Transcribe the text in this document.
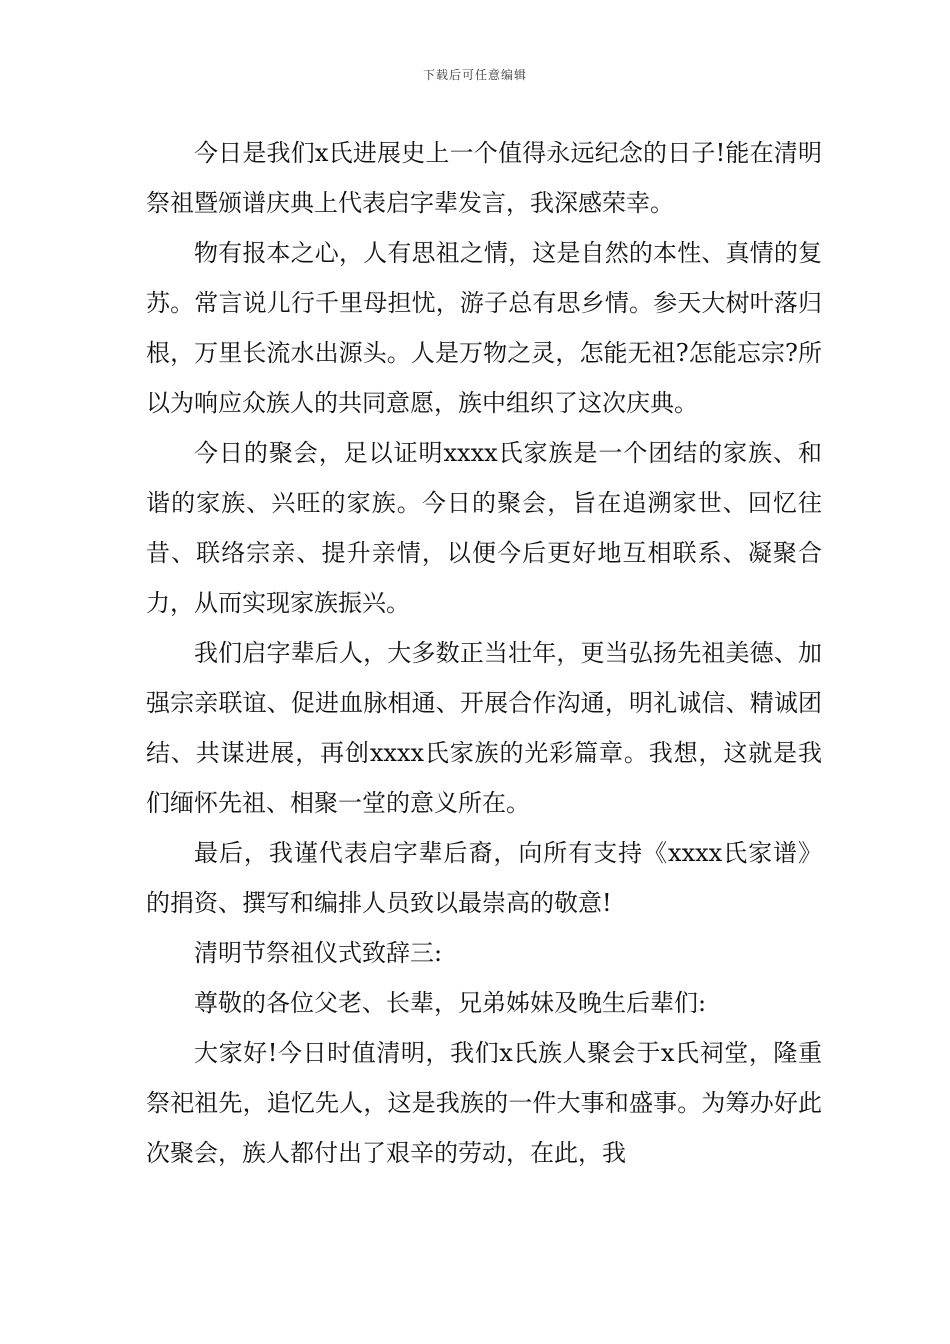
下载后可任意编辑

今日是我们x氏进展史上一个值得永远纪念的日子!能在清明祭祖暨颁谱庆典上代表启字辈发言，我深感荣幸。

物有报本之心，人有思祖之情，这是自然的本性、真情的复苏。常言说儿行千里母担忧，游子总有思乡情。参天大树叶落归根，万里长流水出源头。人是万物之灵，怎能无祖?怎能忘宗?所以为响应众族人的共同意愿，族中组织了这次庆典。

今日的聚会，足以证明xxxx氏家族是一个团结的家族、和谐的家族、兴旺的家族。今日的聚会，旨在追溯家世、回忆往昔、联络宗亲、提升亲情，以便今后更好地互相联系、凝聚合力，从而实现家族振兴。

我们启字辈后人，大多数正当壮年，更当弘扬先祖美德、加强宗亲联谊、促进血脉相通、开展合作沟通，明礼诚信、精诚团结、共谋进展，再创xxxx氏家族的光彩篇章。我想，这就是我们缅怀先祖、相聚一堂的意义所在。

最后，我谨代表启字辈后裔，向所有支持《xxxx氏家谱》的捐资、撰写和编排人员致以最崇高的敬意!

清明节祭祖仪式致辞三:

尊敬的各位父老、长辈，兄弟姊妹及晚生后辈们:

大家好!今日时值清明，我们x氏族人聚会于x氏祠堂，隆重祭祀祖先，追忆先人，这是我族的一件大事和盛事。为筹办好此次聚会，族人都付出了艰辛的劳动，在此，我
